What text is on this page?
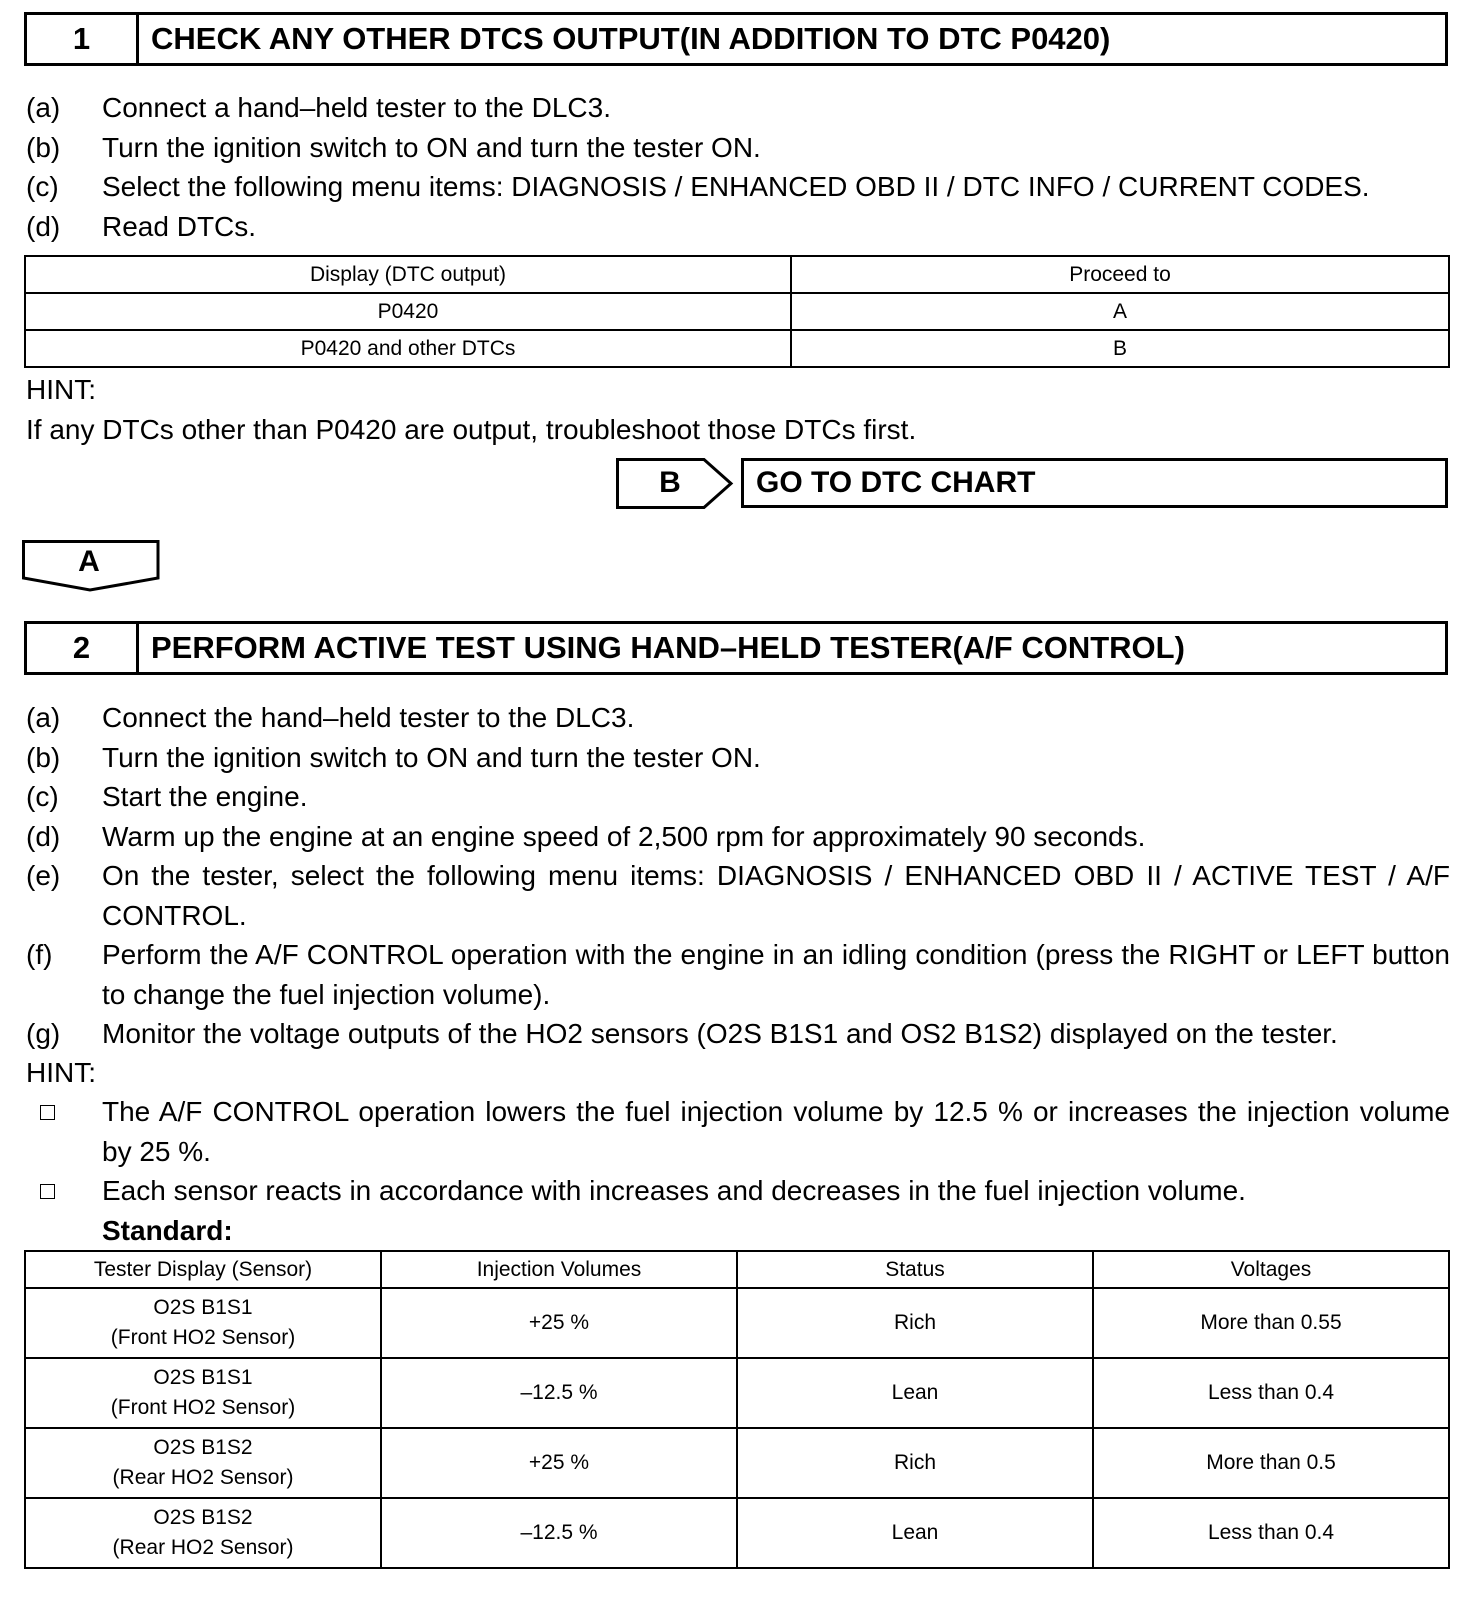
1	CHECK ANY OTHER DTCS OUTPUT(IN ADDITION TO DTC P0420)
(a) Connect a hand–held tester to the DLC3.
(b) Turn the ignition switch to ON and turn the tester ON.
(c) Select the following menu items: DIAGNOSIS / ENHANCED OBD II / DTC INFO / CURRENT CODES.
(d) Read DTCs.
Display (DTC output)	Proceed to
P0420	A
P0420 and other DTCs	B
HINT:
If any DTCs other than P0420 are output, troubleshoot those DTCs first.
B	GO TO DTC CHART
A
2	PERFORM ACTIVE TEST USING HAND–HELD TESTER(A/F CONTROL)
(a) Connect the hand–held tester to the DLC3.
(b) Turn the ignition switch to ON and turn the tester ON.
(c) Start the engine.
(d) Warm up the engine at an engine speed of 2,500 rpm for approximately 90 seconds.
(e) On the tester, select the following menu items: DIAGNOSIS / ENHANCED OBD II / ACTIVE TEST / A/F CONTROL.
(f) Perform the A/F CONTROL operation with the engine in an idling condition (press the RIGHT or LEFT button to change the fuel injection volume).
(g) Monitor the voltage outputs of the HO2 sensors (O2S B1S1 and OS2 B1S2) displayed on the tester.
HINT:
The A/F CONTROL operation lowers the fuel injection volume by 12.5 % or increases the injection volume by 25 %.
Each sensor reacts in accordance with increases and decreases in the fuel injection volume.
Standard:
Tester Display (Sensor)	Injection Volumes	Status	Voltages

O2S B1S1
(Front HO2 Sensor)	+25 %	Rich	More than 0.55

O2S B1S1
(Front HO2 Sensor)	–12.5 %	Lean	Less than 0.4

O2S B1S2
(Rear HO2 Sensor)	+25 %	Rich	More than 0.5

O2S B1S2
(Rear HO2 Sensor)	–12.5 %	Lean	Less than 0.4
